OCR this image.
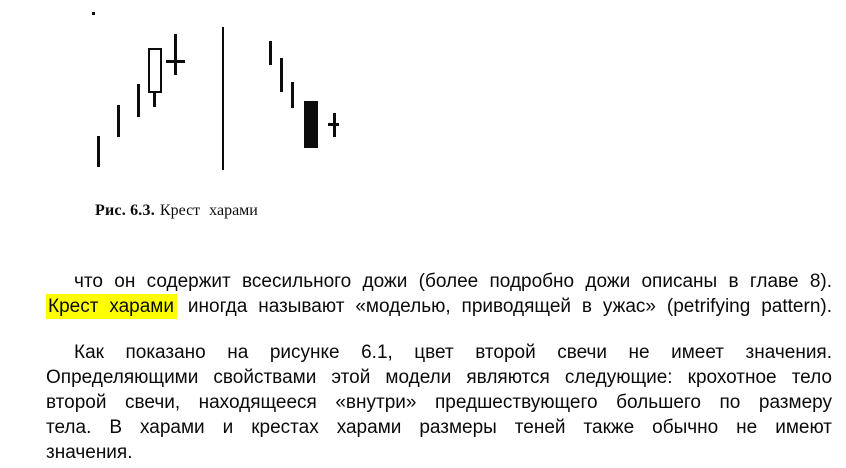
Рис. 6.3. Крест харами
что он содержит всесильного дожи (более подробно дожи описаны в главе 8).
Крест харами иногда называют «моделью, приводящей в ужас» (petrifying pattern).
Как показано на рисунке 6.1, цвет второй свечи не имеет значения.
Определяющими свойствами этой модели являются следующие: крохотное тело
второй свечи, находящееся «внутри» предшествующего большего по размеру
тела. В харами и крестах харами размеры теней также обычно не имеют
значения.
